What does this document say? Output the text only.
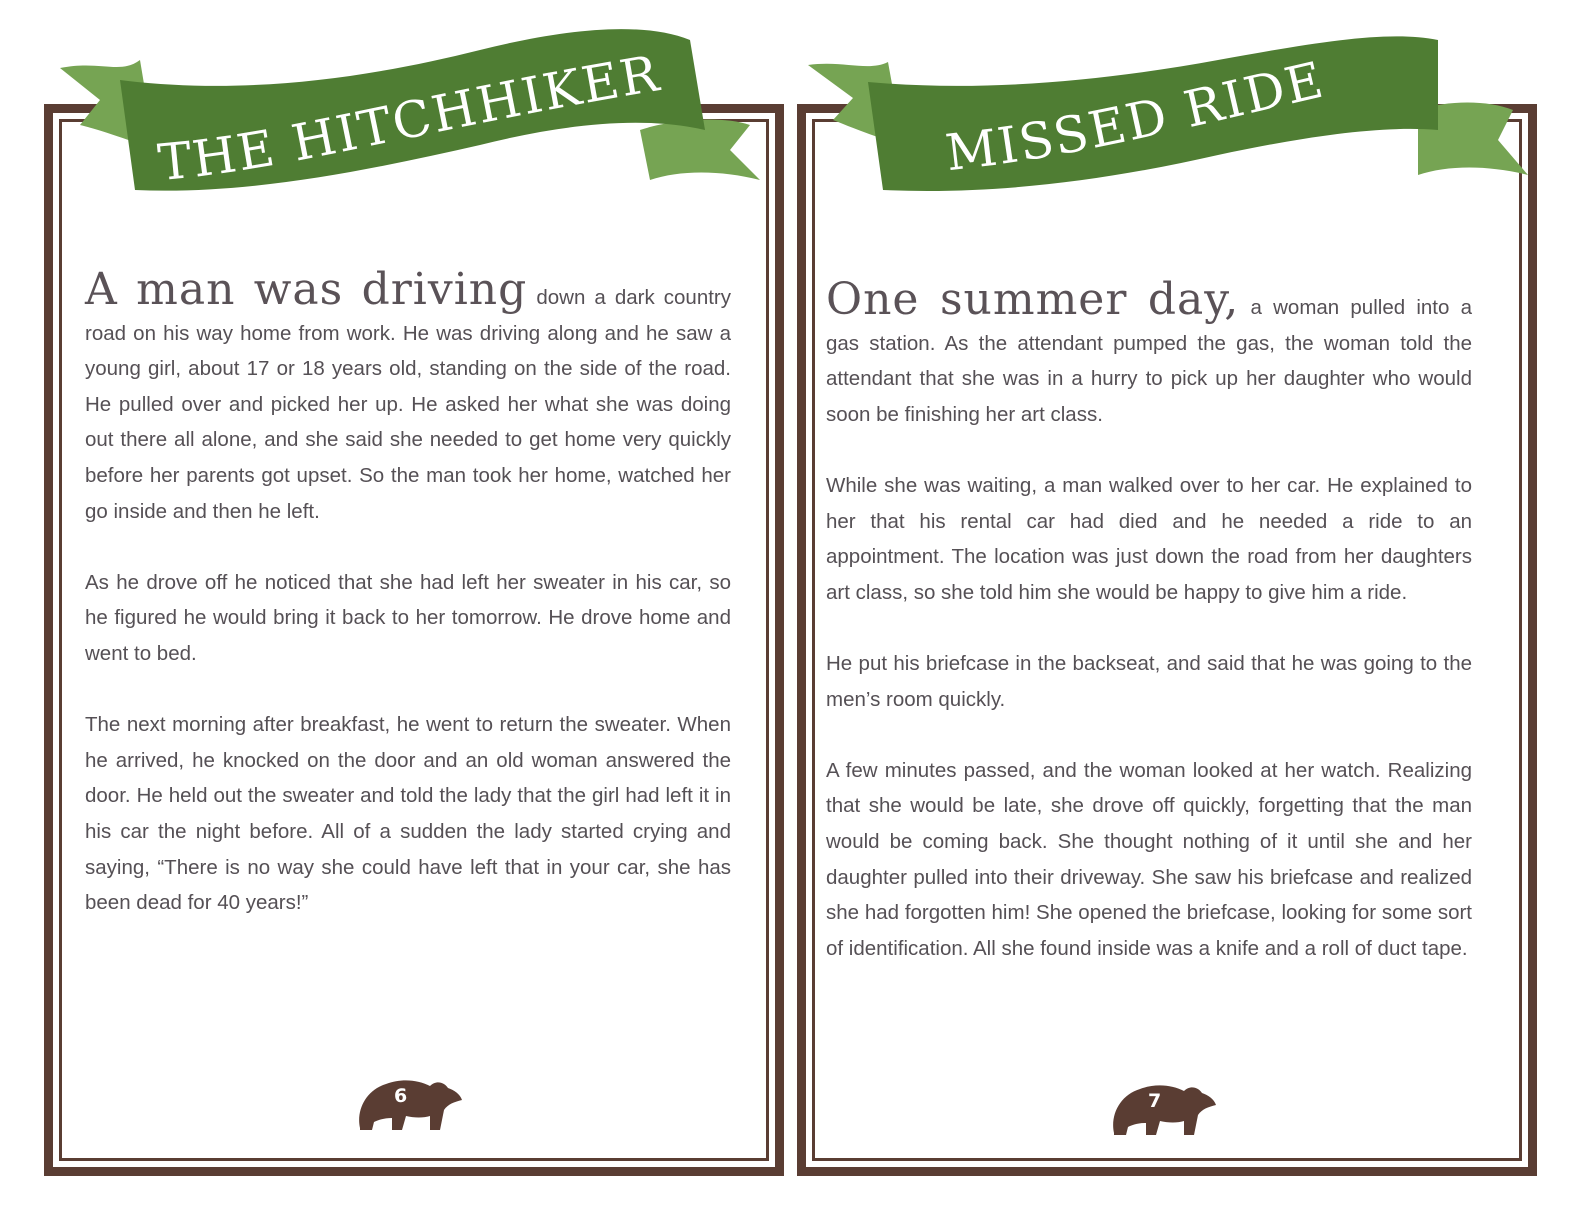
THE HITCHHIKER

A man was driving down a dark country road on his way home from work. He was driving along and he saw a young girl, about 17 or 18 years old, standing on the side of the road. He pulled over and picked her up. He asked her what she was doing out there all alone, and she said she needed to get home very quickly before her parents got upset. So the man took her home, watched her go inside and then he left.

As he drove off he noticed that she had left her sweater in his car, so he figured he would bring it back to her tomorrow. He drove home and went to bed.

The next morning after breakfast, he went to return the sweater. When he arrived, he knocked on the door and an old woman answered the door. He held out the sweater and told the lady that the girl had left it in his car the night before. All of a sudden the lady started crying and saying, “There is no way she could have left that in your car, she has been dead for 40 years!”

6
MISSED RIDE

One summer day, a woman pulled into a gas station. As the attendant pumped the gas, the woman told the attendant that she was in a hurry to pick up her daughter who would soon be finishing her art class.

While she was waiting, a man walked over to her car. He explained to her that his rental car had died and he needed a ride to an appointment. The location was just down the road from her daughters art class, so she told him she would be happy to give him a ride.

He put his briefcase in the backseat, and said that he was going to the men’s room quickly.

A few minutes passed, and the woman looked at her watch. Realizing that she would be late, she drove off quickly, forgetting that the man would be coming back. She thought nothing of it until she and her daughter pulled into their driveway. She saw his briefcase and realized she had forgotten him! She opened the briefcase, looking for some sort of identification. All she found inside was a knife and a roll of duct tape.

7
